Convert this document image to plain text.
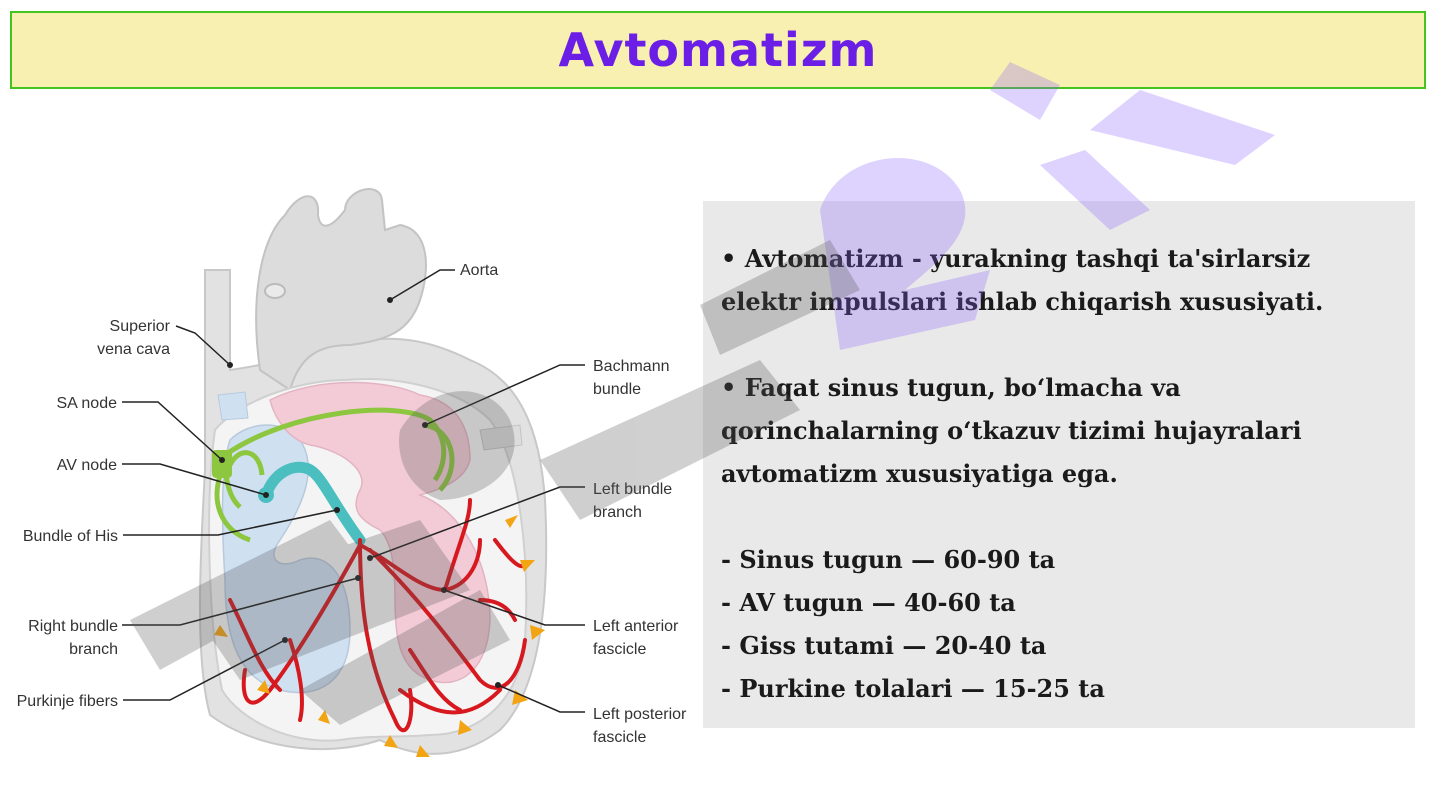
Avtomatizm
Aorta
Superior
vena cava
Bachmann
bundle
SA node
AV node
Left bundle
branch
Bundle of His
Left anterior
fascicle
Right bundle
branch
Purkinje fibers
Left posterior
fascicle

• Avtomatizm - yurakning tashqi ta'sirlarsiz elektr impulslari ishlab chiqarish xususiyati.

• Faqat sinus tugun, boʻlmacha va qorinchalarning oʻtkazuv tizimi hujayralari avtomatizm xususiyatiga ega.

- Sinus tugun — 60-90 ta

- AV tugun — 40-60 ta

- Giss tutami — 20-40 ta

- Purkine tolalari — 15-25 ta
